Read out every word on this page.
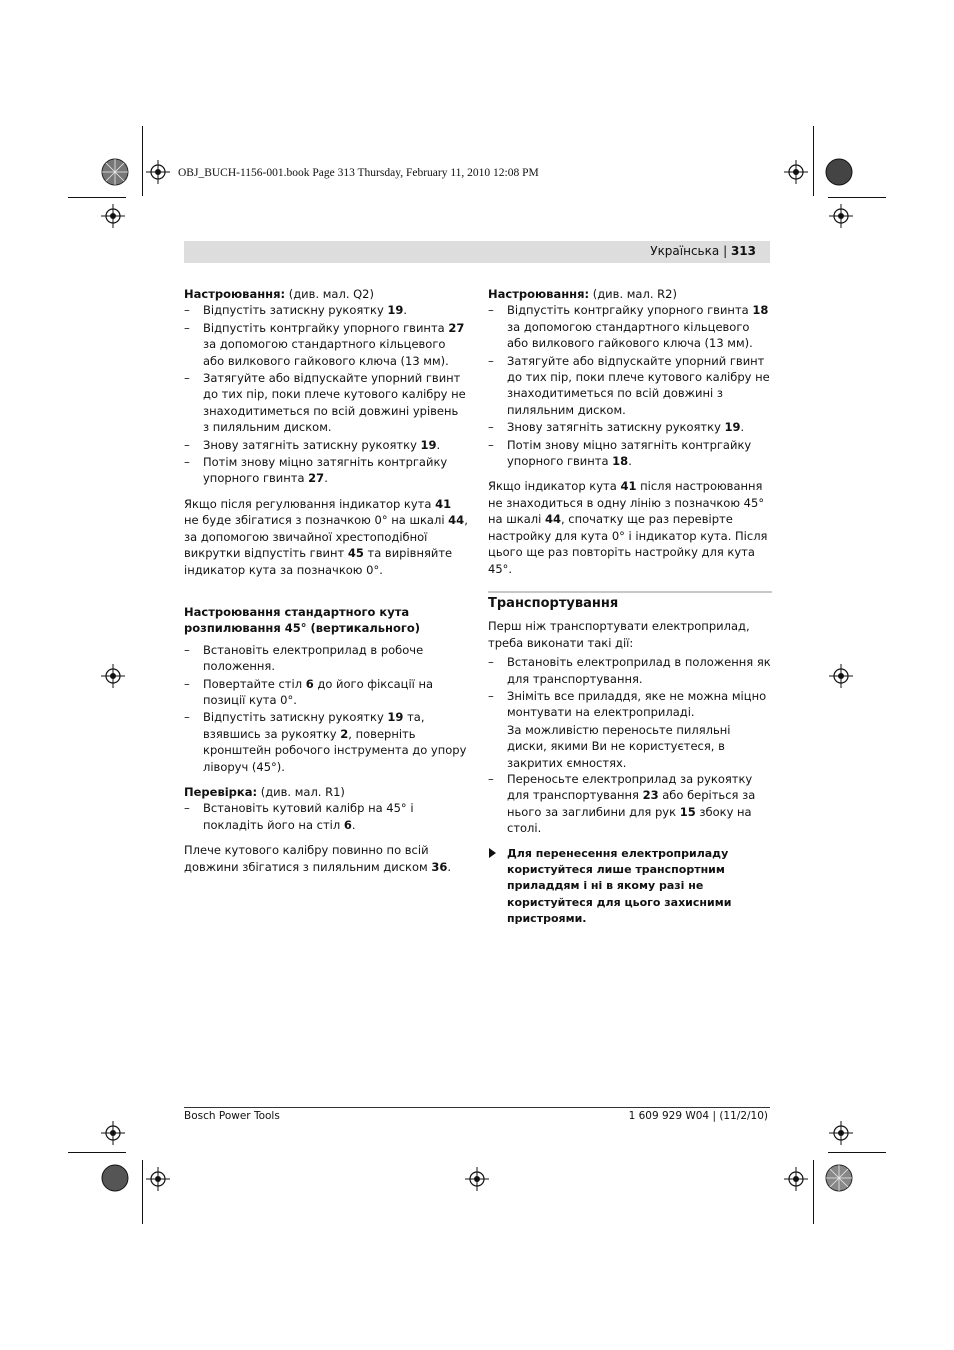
OBJ_BUCH-1156-001.book Page 313 Thursday, February 11, 2010 12:08 PM
Українська | 313

Настроювання: (див. мал. Q2)

– Відпустіть затискну рукоятку 19.
– Відпустіть контргайку упорного гвинта 27 за допомогою стандартного кільцевого або вилкового гайкового ключа (13 мм).
– Затягуйте або відпускайте упорний гвинт до тих пір, поки плече кутового калібру не знаходитиметься по всій довжині урівень з пиляльним диском.
– Знову затягніть затискну рукоятку 19.
– Потім знову міцно затягніть контргайку упорного гвинта 27.

Якщо після регулювання індикатор кута 41 не буде збігатися з позначкою 0° на шкалі 44, за допомогою звичайної хрестоподібної викрутки відпустіть гвинт 45 та вирівняйте індикатор кута за позначкою 0°.

Настроювання стандартного кута розпилювання 45° (вертикального)

– Встановіть електроприлад в робоче положення.
– Повертайте стіл 6 до його фіксації на позиції кута 0°.
– Відпустіть затискну рукоятку 19 та, взявшись за рукоятку 2, поверніть кронштейн робочого інструмента до упору ліворуч (45°).

Перевірка: (див. мал. R1)

– Встановіть кутовий калібр на 45° і покладіть його на стіл 6.

Плече кутового калібру повинно по всій довжини збігатися з пиляльним диском 36.

Настроювання: (див. мал. R2)

– Відпустіть контргайку упорного гвинта 18 за допомогою стандартного кільцевого або вилкового гайкового ключа (13 мм).
– Затягуйте або відпускайте упорний гвинт до тих пір, поки плече кутового калібру не знаходитиметься по всій довжині з пиляльним диском.
– Знову затягніть затискну рукоятку 19.
– Потім знову міцно затягніть контргайку упорного гвинта 18.

Якщо індикатор кута 41 після настроювання не знаходиться в одну лінію з позначкою 45° на шкалі 44, спочатку ще раз перевірте настройку для кута 0° і індикатор кута. Після цього ще раз повторіть настройку для кута 45°.

Транспортування

Перш ніж транспортувати електроприлад, треба виконати такі дії:

– Встановіть електроприлад в положення як для транспортування.
– Зніміть все приладдя, яке не можна міцно монтувати на електроприладі.

За можливістю переносьте пиляльні диски, якими Ви не користуєтеся, в закритих ємностях.

– Переносьте електроприлад за рукоятку для транспортування 23 або беріться за нього за заглибини для рук 15 збоку на столі.
Для перенесення електроприладу користуйтеся лише транспортним приладдям і ні в якому разі не користуйтеся для цього захисними пристроями.
Bosch Power Tools	1 609 929 W04 | (11/2/10)
